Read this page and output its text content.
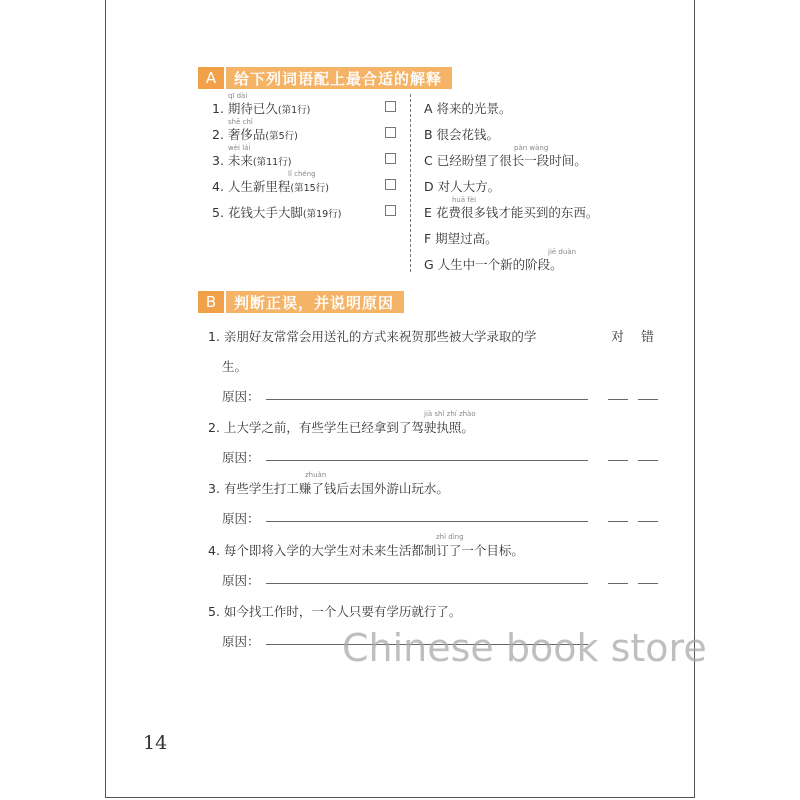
A	给下列词语配上最合适的解释
qī dài
1. 期待已久(第1行)
shē chǐ
2. 奢侈品(第5行)
wèi lái
3. 未来(第11行)
lǐ chéng
4. 人生新里程(第15行)
5. 花钱大手大脚(第19行)
A 将来的光景。
B 很会花钱。
pàn wàng
C 已经盼望了很长一段时间。
D 对人大方。
huā fèi
E 花费很多钱才能买到的东西。
F 期望过高。
jiē duàn
G 人生中一个新的阶段。
B	判断正误，并说明原因
对 错
1. 亲朋好友常常会用送礼的方式来祝贺那些被大学录取的学
生。
原因：
jià shǐ zhí zhào
2. 上大学之前，有些学生已经拿到了驾驶执照。
原因：
zhuàn
3. 有些学生打工赚了钱后去国外游山玩水。
原因：
zhì dìng
4. 每个即将入学的大学生对未来生活都制订了一个目标。
原因：
5. 如今找工作时，一个人只要有学历就行了。
原因：
14
Chinese book store
